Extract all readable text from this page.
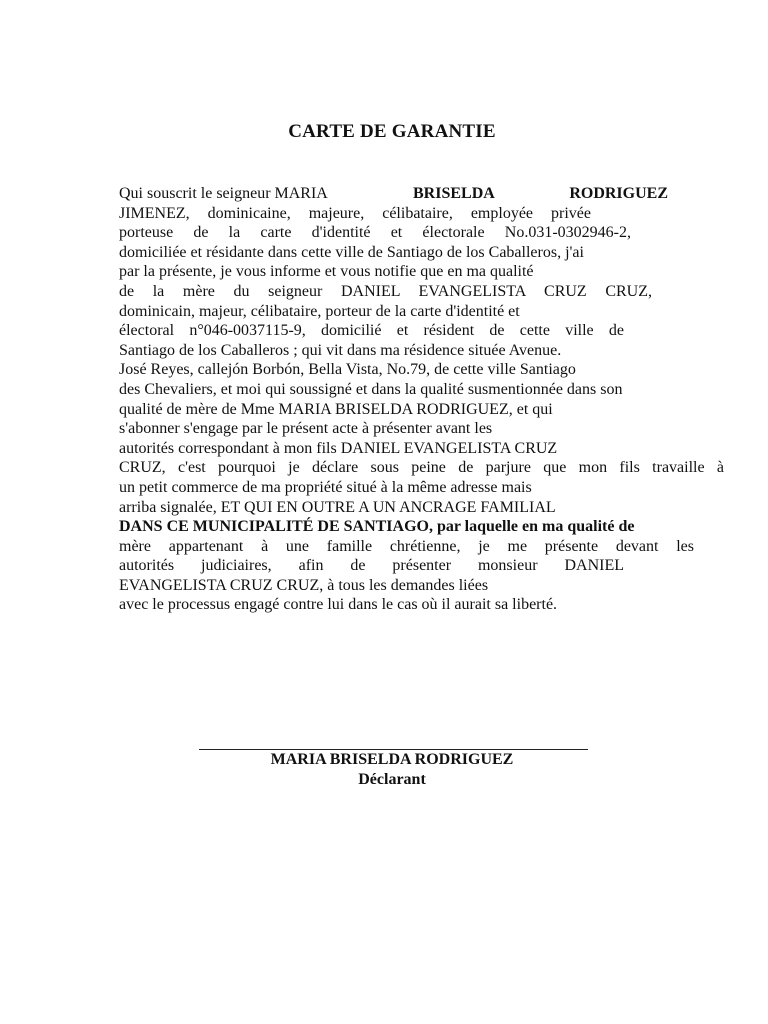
CARTE DE GARANTIE
Qui souscrit le seigneur MARIA	BRISELDA	RODRIGUEZ
JIMENEZ, dominicaine, majeure, célibataire, employée privée
porteuse de la carte d'identité et électorale No.031-0302946-2,
domiciliée et résidante dans cette ville de Santiago de los Caballeros, j'ai
par la présente, je vous informe et vous notifie que en ma qualité
de la mère du seigneur DANIEL EVANGELISTA CRUZ CRUZ,
dominicain, majeur, célibataire, porteur de la carte d'identité et
électoral n°046-0037115-9, domicilié et résident de cette ville de
Santiago de los Caballeros ; qui vit dans ma résidence située Avenue.
José Reyes, callejón Borbón, Bella Vista, No.79, de cette ville Santiago
des Chevaliers, et moi qui soussigné et dans la qualité susmentionnée dans son
qualité de mère de Mme MARIA BRISELDA RODRIGUEZ, et qui
s'abonner s'engage par le présent acte à présenter avant les
autorités correspondant à mon fils DANIEL EVANGELISTA CRUZ
CRUZ, c'est pourquoi je déclare sous peine de parjure que mon fils travaille à
un petit commerce de ma propriété situé à la même adresse mais
arriba signalée, ET QUI EN OUTRE A UN ANCRAGE FAMILIAL
DANS CE MUNICIPALITÉ DE SANTIAGO, par laquelle en ma qualité de
mère appartenant à une famille chrétienne, je me présente devant les
autorités judiciaires, afin de présenter monsieur DANIEL
EVANGELISTA CRUZ CRUZ, à tous les demandes liées
avec le processus engagé contre lui dans le cas où il aurait sa liberté.
MARIA BRISELDA RODRIGUEZ
Déclarant
